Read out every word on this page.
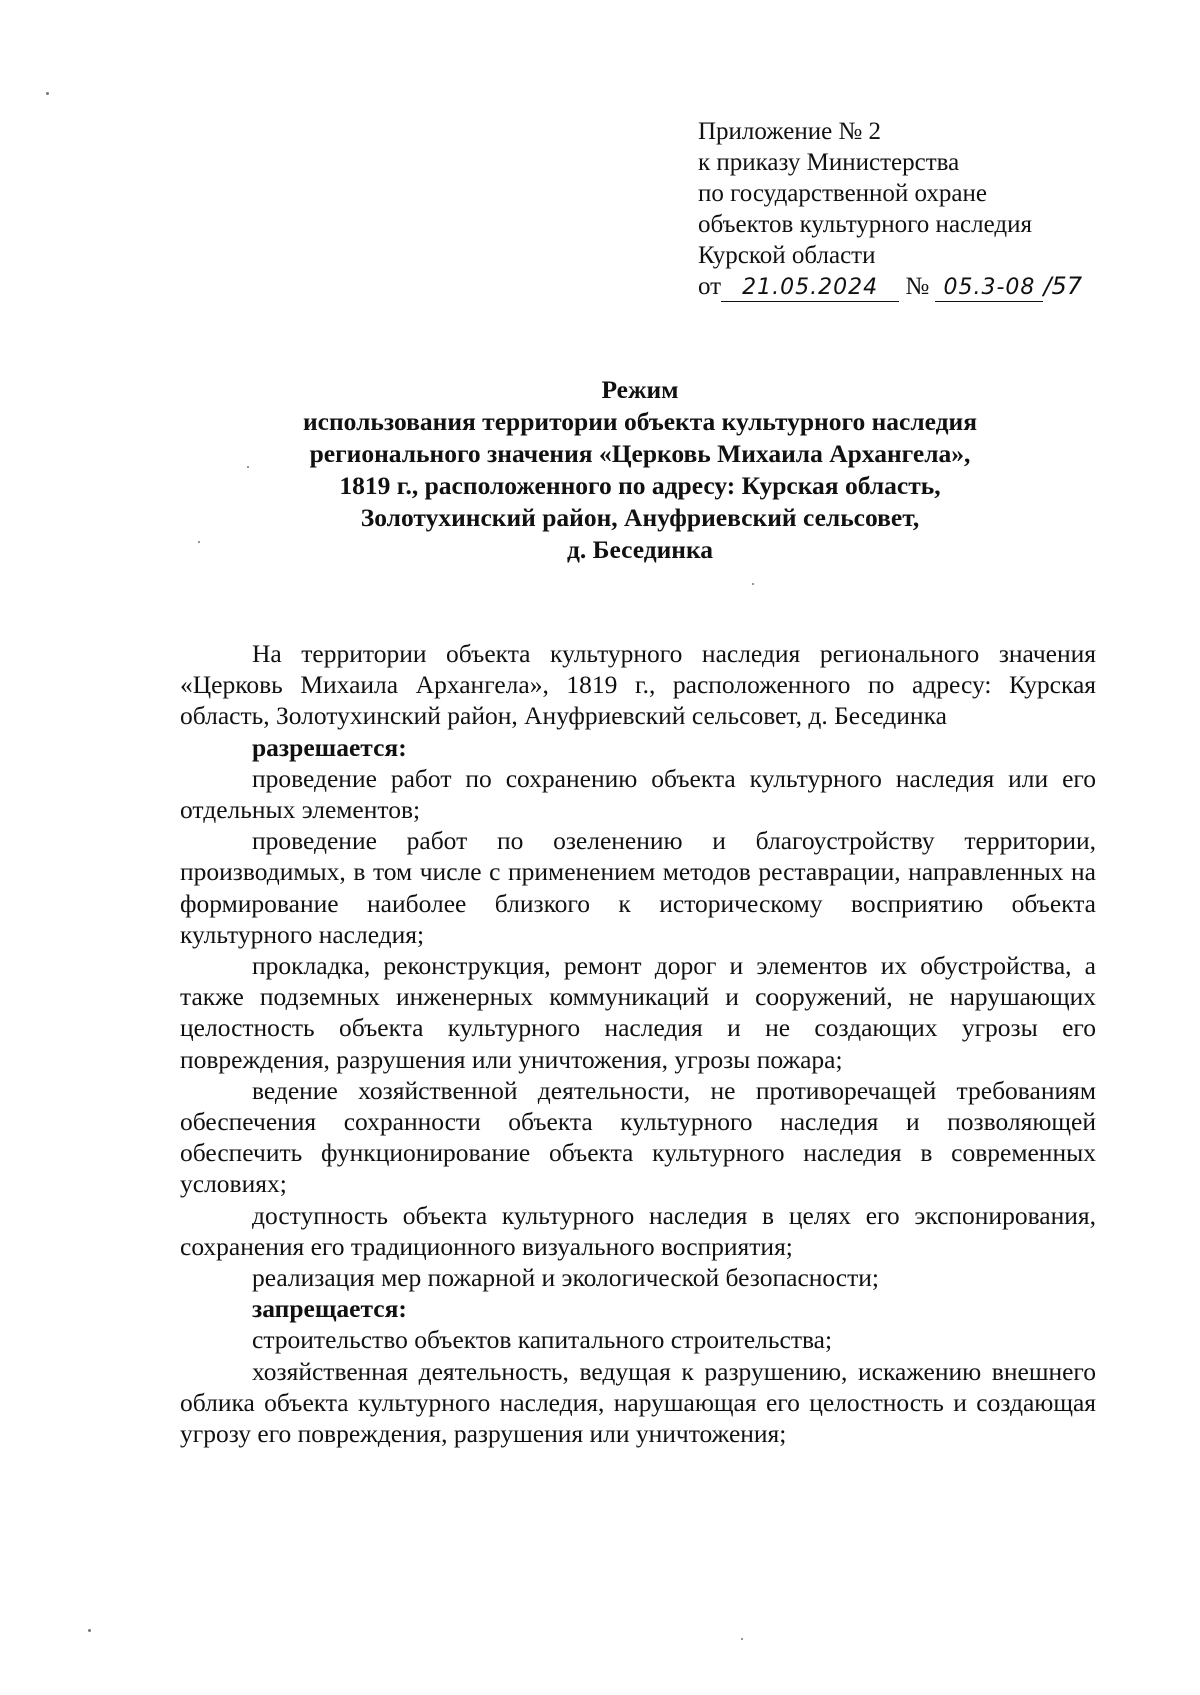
Приложение № 2
к приказу Министерства
по государственной охране
объектов культурного наследия
Курской области
от 21.05.2024 № 05.3-08 /57
Режим
использования территории объекта культурного наследия
регионального значения «Церковь Михаила Архангела»,
1819 г., расположенного по адресу: Курская область,
Золотухинский район, Ануфриевский сельсовет,
д. Бесединка

На территории объекта культурного наследия регионального значения «Церковь Михаила Архангела», 1819 г., расположенного по адресу: Курская область, Золотухинский район, Ануфриевский сельсовет, д. Бесединка

разрешается:

проведение работ по сохранению объекта культурного наследия или его отдельных элементов;

проведение работ по озеленению и благоустройству территории, производимых, в том числе с применением методов реставрации, направленных на формирование наиболее близкого к историческому восприятию объекта культурного наследия;

прокладка, реконструкция, ремонт дорог и элементов их обустройства, а также подземных инженерных коммуникаций и сооружений, не нарушающих целостность объекта культурного наследия и не создающих угрозы его повреждения, разрушения или уничтожения, угрозы пожара;

ведение хозяйственной деятельности, не противоречащей требованиям обеспечения сохранности объекта культурного наследия и позволяющей обеспечить функционирование объекта культурного наследия в современных условиях;

доступность объекта культурного наследия в целях его экспонирования, сохранения его традиционного визуального восприятия;

реализация мер пожарной и экологической безопасности;

запрещается:

строительство объектов капитального строительства;

хозяйственная деятельность, ведущая к разрушению, искажению внешнего облика объекта культурного наследия, нарушающая его целостность и создающая угрозу его повреждения, разрушения или уничтожения;
